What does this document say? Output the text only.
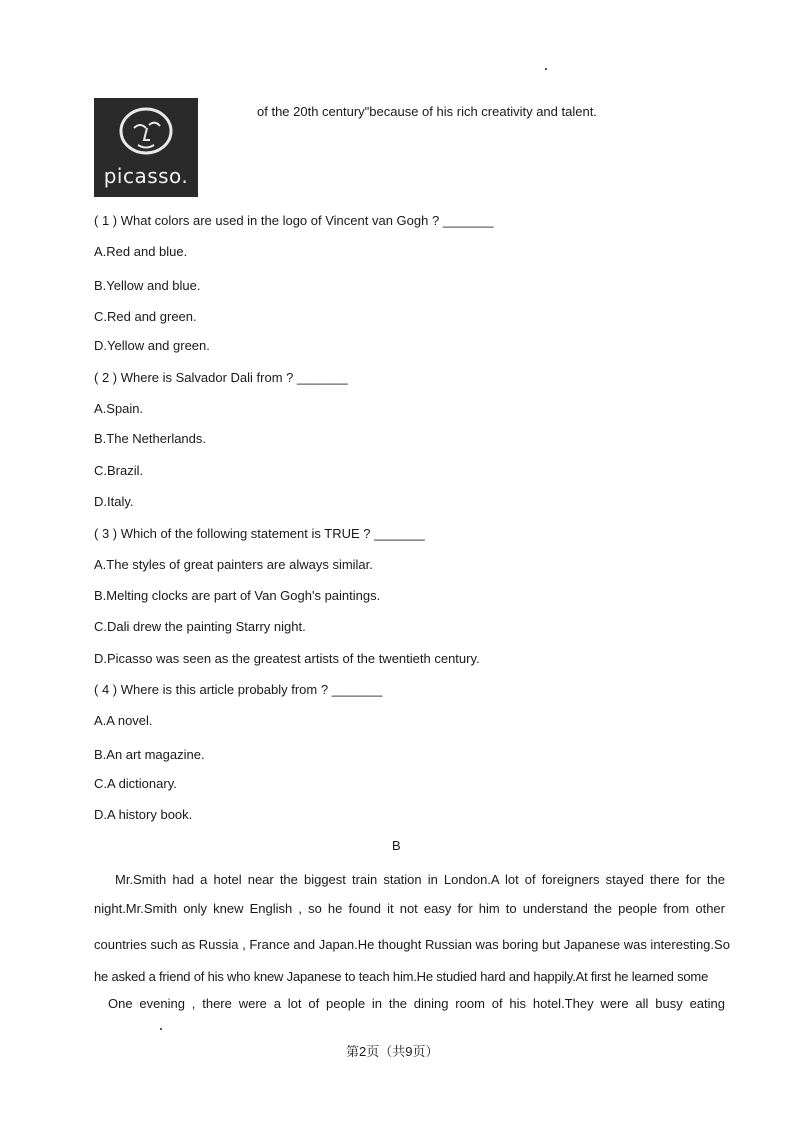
picasso.
of the 20th century"because of his rich creativity and talent.
( 1 ) What colors are used in the logo of Vincent van Gogh ? _______
A.Red and blue.
B.Yellow and blue.
C.Red and green.
D.Yellow and green.
( 2 ) Where is Salvador Dali from ? _______
A.Spain.
B.The Netherlands.
C.Brazil.
D.Italy.
( 3 ) Which of the following statement is TRUE ? _______
A.The styles of great painters are always similar.
B.Melting clocks are part of Van Gogh's paintings.
C.Dali drew the painting Starry night.
D.Picasso was seen as the greatest artists of the twentieth century.
( 4 ) Where is this article probably from ? _______
A.A novel.
B.An art magazine.
C.A dictionary.
D.A history book.
B
Mr.Smith had a hotel near the biggest train station in London.A lot of foreigners stayed there for the
night.Mr.Smith only knew English , so he found it not easy for him to understand the people from other
countries such as Russia , France and Japan.He thought Russian was boring but Japanese was interesting.So
he asked a friend of his who knew Japanese to teach him.He studied hard and happily.At first he learned some
One evening , there were a lot of people in the dining room of his hotel.They were all busy eating
第2页（共9页）
